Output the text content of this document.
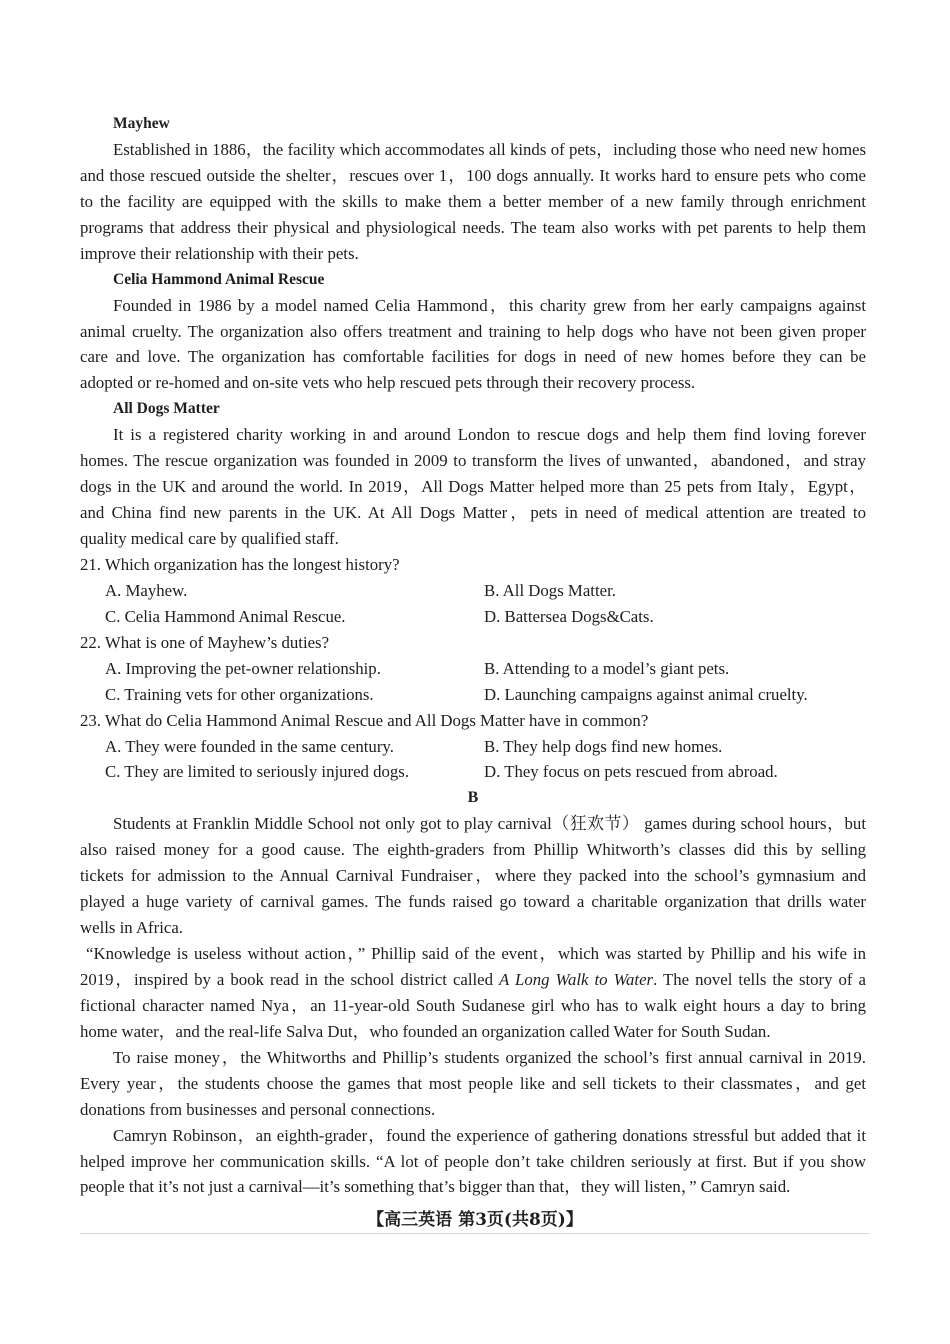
Mayhew
Established in 1886，the facility which accommodates all kinds of pets，including those who need new homes
and those rescued outside the shelter，rescues over 1，100 dogs annually. It works hard to ensure pets who come
to the facility are equipped with the skills to make them a better member of a new family through enrichment
programs that address their physical and physiological needs. The team also works with pet parents to help them
improve their relationship with their pets.
Celia Hammond Animal Rescue
Founded in 1986 by a model named Celia Hammond，this charity grew from her early campaigns against
animal cruelty. The organization also offers treatment and training to help dogs who have not been given proper
care and love. The organization has comfortable facilities for dogs in need of new homes before they can be
adopted or re-homed and on-site vets who help rescued pets through their recovery process.
All Dogs Matter
It is a registered charity working in and around London to rescue dogs and help them find loving forever
homes. The rescue organization was founded in 2009 to transform the lives of unwanted，abandoned，and stray
dogs in the UK and around the world. In 2019，All Dogs Matter helped more than 25 pets from Italy，Egypt，
and China find new parents in the UK. At All Dogs Matter，pets in need of medical attention are treated to
quality medical care by qualified staff.
21. Which organization has the longest history?
A. Mayhew.	B. All Dogs Matter.
C. Celia Hammond Animal Rescue.	D. Battersea Dogs&Cats.
22. What is one of Mayhew’s duties?
A. Improving the pet-owner relationship.	B. Attending to a model’s giant pets.
C. Training vets for other organizations.	D. Launching campaigns against animal cruelty.
23. What do Celia Hammond Animal Rescue and All Dogs Matter have in common?
A. They were founded in the same century.	B. They help dogs find new homes.
C. They are limited to seriously injured dogs.	D. They focus on pets rescued from abroad.
B
Students at Franklin Middle School not only got to play carnival（狂欢节） games during school hours，but
also raised money for a good cause. The eighth-graders from Phillip Whitworth’s classes did this by selling
tickets for admission to the Annual Carnival Fundraiser，where they packed into the school’s gymnasium and
played a huge variety of carnival games. The funds raised go toward a charitable organization that drills water
wells in Africa.
“Knowledge is useless without action，” Phillip said of the event，which was started by Phillip and his wife in
2019，inspired by a book read in the school district called A Long Walk to Water. The novel tells the story of a
fictional character named Nya，an 11-year-old South Sudanese girl who has to walk eight hours a day to bring
home water，and the real-life Salva Dut，who founded an organization called Water for South Sudan.
To raise money，the Whitworths and Phillip’s students organized the school’s first annual carnival in 2019.
Every year，the students choose the games that most people like and sell tickets to their classmates，and get
donations from businesses and personal connections.
Camryn Robinson，an eighth-grader，found the experience of gathering donations stressful but added that it
helped improve her communication skills. “A lot of people don’t take children seriously at first. But if you show
people that it’s not just a carnival—it’s something that’s bigger than that，they will listen，” Camryn said.
【高三英语 第3页(共8页)】
